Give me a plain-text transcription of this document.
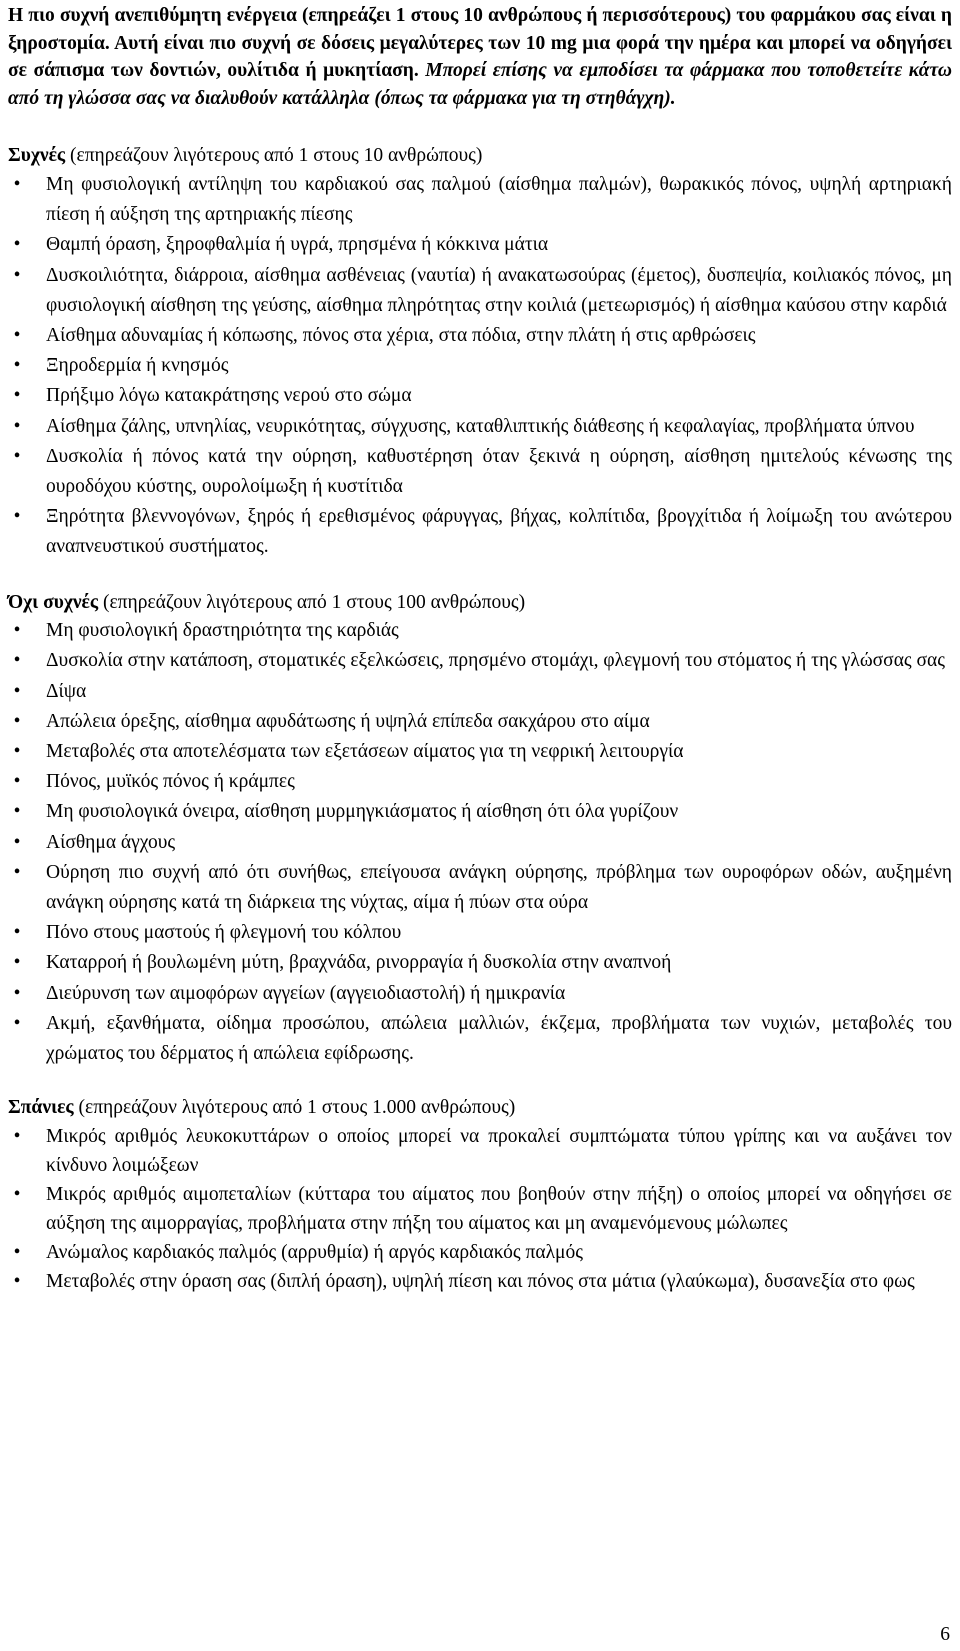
Η πιο συχνή ανεπιθύμητη ενέργεια (επηρεάζει 1 στους 10 ανθρώπους ή περισσότερους) του φαρμάκου σας είναι η ξηροστομία. Αυτή είναι πιο συχνή σε δόσεις μεγαλύτερες των 10 mg μια φορά την ημέρα και μπορεί να οδηγήσει σε σάπισμα των δοντιών, ουλίτιδα ή μυκητίαση. Μπορεί επίσης να εμποδίσει τα φάρμακα που τοποθετείτε κάτω από τη γλώσσα σας να διαλυθούν κατάλληλα (όπως τα φάρμακα για τη στηθάγχη).

Συχνές (επηρεάζουν λιγότερους από 1 στους 10 ανθρώπους)

• Μη φυσιολογική αντίληψη του καρδιακού σας παλμού (αίσθημα παλμών), θωρακικός πόνος, υψηλή αρτηριακή πίεση ή αύξηση της αρτηριακής πίεσης
• Θαμπή όραση, ξηροφθαλμία ή υγρά, πρησμένα ή κόκκινα μάτια
• Δυσκοιλιότητα, διάρροια, αίσθημα ασθένειας (ναυτία) ή ανακατωσούρας (έμετος), δυσπεψία, κοιλιακός πόνος, μη φυσιολογική αίσθηση της γεύσης, αίσθημα πληρότητας στην κοιλιά (μετεωρισμός) ή αίσθημα καύσου στην καρδιά
• Αίσθημα αδυναμίας ή κόπωσης, πόνος στα χέρια, στα πόδια, στην πλάτη ή στις αρθρώσεις
• Ξηροδερμία ή κνησμός
• Πρήξιμο λόγω κατακράτησης νερού στο σώμα
• Αίσθημα ζάλης, υπνηλίας, νευρικότητας, σύγχυσης, καταθλιπτικής διάθεσης ή κεφαλαγίας, προβλήματα ύπνου
• Δυσκολία ή πόνος κατά την ούρηση, καθυστέρηση όταν ξεκινά η ούρηση, αίσθηση ημιτελούς κένωσης της ουροδόχου κύστης, ουρολοίμωξη ή κυστίτιδα
• Ξηρότητα βλεννογόνων, ξηρός ή ερεθισμένος φάρυγγας, βήχας, κολπίτιδα, βρογχίτιδα ή λοίμωξη του ανώτερου αναπνευστικού συστήματος.

Όχι συχνές (επηρεάζουν λιγότερους από 1 στους 100 ανθρώπους)

• Μη φυσιολογική δραστηριότητα της καρδιάς
• Δυσκολία στην κατάποση, στοματικές εξελκώσεις, πρησμένο στομάχι, φλεγμονή του στόματος ή της γλώσσας σας
• Δίψα
• Απώλεια όρεξης, αίσθημα αφυδάτωσης ή υψηλά επίπεδα σακχάρου στο αίμα
• Μεταβολές στα αποτελέσματα των εξετάσεων αίματος για τη νεφρική λειτουργία
• Πόνος, μυϊκός πόνος ή κράμπες
• Μη φυσιολογικά όνειρα, αίσθηση μυρμηγκιάσματος ή αίσθηση ότι όλα γυρίζουν
• Αίσθημα άγχους
• Ούρηση πιο συχνή από ότι συνήθως, επείγουσα ανάγκη ούρησης, πρόβλημα των ουροφόρων οδών, αυξημένη ανάγκη ούρησης κατά τη διάρκεια της νύχτας, αίμα ή πύων στα ούρα
• Πόνο στους μαστούς ή φλεγμονή του κόλπου
• Καταρροή ή βουλωμένη μύτη, βραχνάδα, ρινορραγία ή δυσκολία στην αναπνοή
• Διεύρυνση των αιμοφόρων αγγείων (αγγειοδιαστολή) ή ημικρανία
• Ακμή, εξανθήματα, οίδημα προσώπου, απώλεια μαλλιών, έκζεμα, προβλήματα των νυχιών, μεταβολές του χρώματος του δέρματος ή απώλεια εφίδρωσης.

Σπάνιες (επηρεάζουν λιγότερους από 1 στους 1.000 ανθρώπους)

• Μικρός αριθμός λευκοκυττάρων ο οποίος μπορεί να προκαλεί συμπτώματα τύπου γρίπης και να αυξάνει τον κίνδυνο λοιμώξεων
• Μικρός αριθμός αιμοπεταλίων (κύτταρα του αίματος που βοηθούν στην πήξη) ο οποίος μπορεί να οδηγήσει σε αύξηση της αιμορραγίας, προβλήματα στην πήξη του αίματος και μη αναμενόμενους μώλωπες
• Ανώμαλος καρδιακός παλμός (αρρυθμία) ή αργός καρδιακός παλμός
• Μεταβολές στην όραση σας (διπλή όραση), υψηλή πίεση και πόνος στα μάτια (γλαύκωμα), δυσανεξία στο φως
6
